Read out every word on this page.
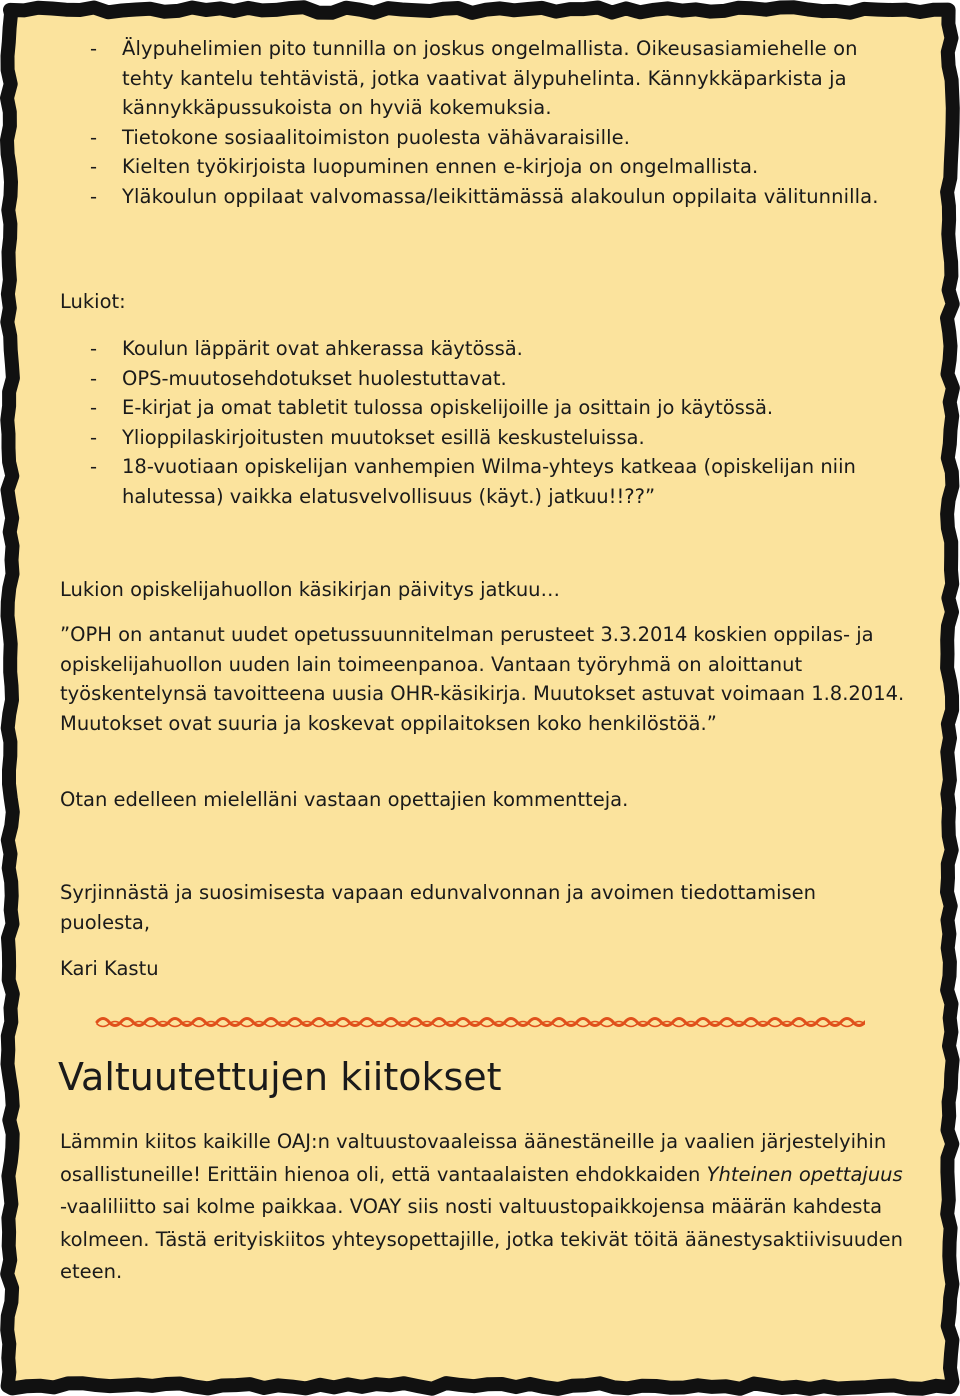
- Älypuhelimien pito tunnilla on joskus ongelmallista. Oikeusasiamiehelle on tehty kantelu tehtävistä, jotka vaativat älypuhelinta. Kännykkäparkista ja kännykkäpussukoista on hyviä kokemuksia.
- Tietokone sosiaalitoimiston puolesta vähävaraisille.
- Kielten työkirjoista luopuminen ennen e-kirjoja on ongelmallista.
- Yläkoulun oppilaat valvomassa/leikittämässä alakoulun oppilaita välitunnilla.
Lukiot:
- Koulun läppärit ovat ahkerassa käytössä.
- OPS-muutosehdotukset huolestuttavat.
- E-kirjat ja omat tabletit tulossa opiskelijoille ja osittain jo käytössä.
- Ylioppilaskirjoitusten muutokset esillä keskusteluissa.
- 18-vuotiaan opiskelijan vanhempien Wilma-yhteys katkeaa (opiskelijan niin halutessa) vaikka elatusvelvollisuus (käyt.) jatkuu!!??”
Lukion opiskelijahuollon käsikirjan päivitys jatkuu…
”OPH on antanut uudet opetussuunnitelman perusteet 3.3.2014 koskien oppilas- ja opiskelijahuollon uuden lain toimeenpanoa. Vantaan työryhmä on aloittanut työskentelynsä tavoitteena uusia OHR-käsikirja. Muutokset astuvat voimaan 1.8.2014. Muutokset ovat suuria ja koskevat oppilaitoksen koko henkilöstöä.”
Otan edelleen mielelläni vastaan opettajien kommentteja.
Syrjinnästä ja suosimisesta vapaan edunvalvonnan ja avoimen tiedottamisen puolesta,
Kari Kastu
Valtuutettujen kiitokset
Lämmin kiitos kaikille OAJ:n valtuustovaaleissa äänestäneille ja vaalien järjestelyihin osallistuneille! Erittäin hienoa oli, että vantaalaisten ehdokkaiden Yhteinen opettajuus -vaaliliitto sai kolme paikkaa. VOAY siis nosti valtuustopaikkojensa määrän kahdesta kolmeen. Tästä erityiskiitos yhteysopettajille, jotka tekivät töitä äänestysaktiivisuuden eteen.
